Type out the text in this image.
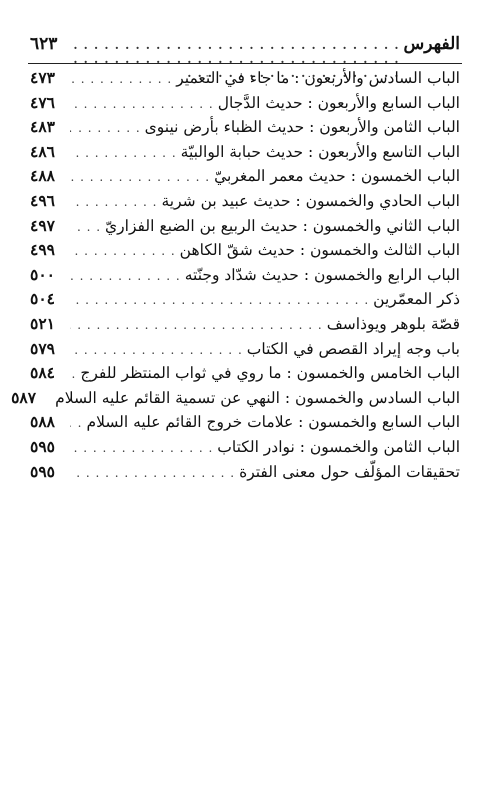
الفهرس
. . .
٦٢٣
الباب السادس والأربعون : ما جاء في التعمير
. . .
٤٧٣
الباب السابع والأربعون : حديث الدَّجال
. . .
٤٧٦
الباب الثامن والأربعون : حديث الظباء بأرض نينوى
. . .
٤٨٣
الباب التاسع والأربعون : حديث حبابة الوالبيّة
. . .
٤٨٦
الباب الخمسون : حديث معمر المغربيّ
. . .
٤٨٨
الباب الحادي والخمسون : حديث عبيد بن شرية
. . .
٤٩٦
الباب الثاني والخمسون : حديث الربيع بن الضبع الفزاريّ
. . .
٤٩٧
الباب الثالث والخمسون : حديث شقّ الكاهن
. . .
٤٩٩
الباب الرابع والخمسون : حديث شدّاد وجنّته
. . .
٥٠٠
ذكر المعمّرين
. . .
٥٠٤
قصّة بلوهر ويوذاسف
. . .
٥٢١
باب وجه إيراد القصص في الكتاب
. . .
٥٧٩
الباب الخامس والخمسون : ما روي في ثواب المنتظر للفرج
. . .
٥٨٤
الباب السادس والخمسون : النهي عن تسمية القائم عليه السلام
٥٨٧
الباب السابع والخمسون : علامات خروج القائم عليه السلام
. . .
٥٨٨
الباب الثامن والخمسون : نوادر الكتاب
. . .
٥٩٥
تحقيقات المؤلّف حول معنى الفترة
. . .
٥٩٥
